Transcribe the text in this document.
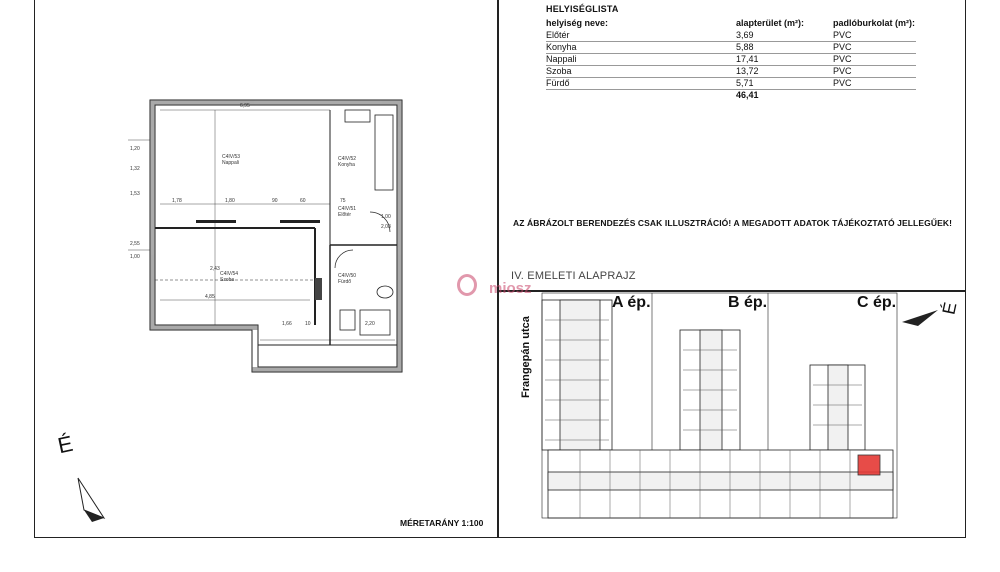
6,95
1,78	1,80	90	60	75
1,00
2,08
4,85
1,66	10	2,20
1,20
1,32
1,53
2,43
2,55
1,00
C4IV/53
Nappali
C4IV/52
Konyha
C4IV/51
Előtér
C4IV/54
Szoba
C4IV/50
Fürdő
HELYISÉGLISTA
helyiség neve:	alapterület (m²):	padlóburkolat (m²):
Előtér	3,69	PVC
Konyha	5,88	PVC
Nappali	17,41	PVC
Szoba	13,72	PVC
Fürdő	5,71	PVC
46,41
AZ ÁBRÁZOLT BERENDEZÉS CSAK ILLUSZTRÁCIÓ! A MEGADOTT ADATOK TÁJÉKOZTATÓ JELLEGŰEK!
miosz
IV. EMELETI ALAPRAJZ
A ép.	B ép.	C ép.
Frangepán utca
É
É
MÉRETARÁNY 1:100
